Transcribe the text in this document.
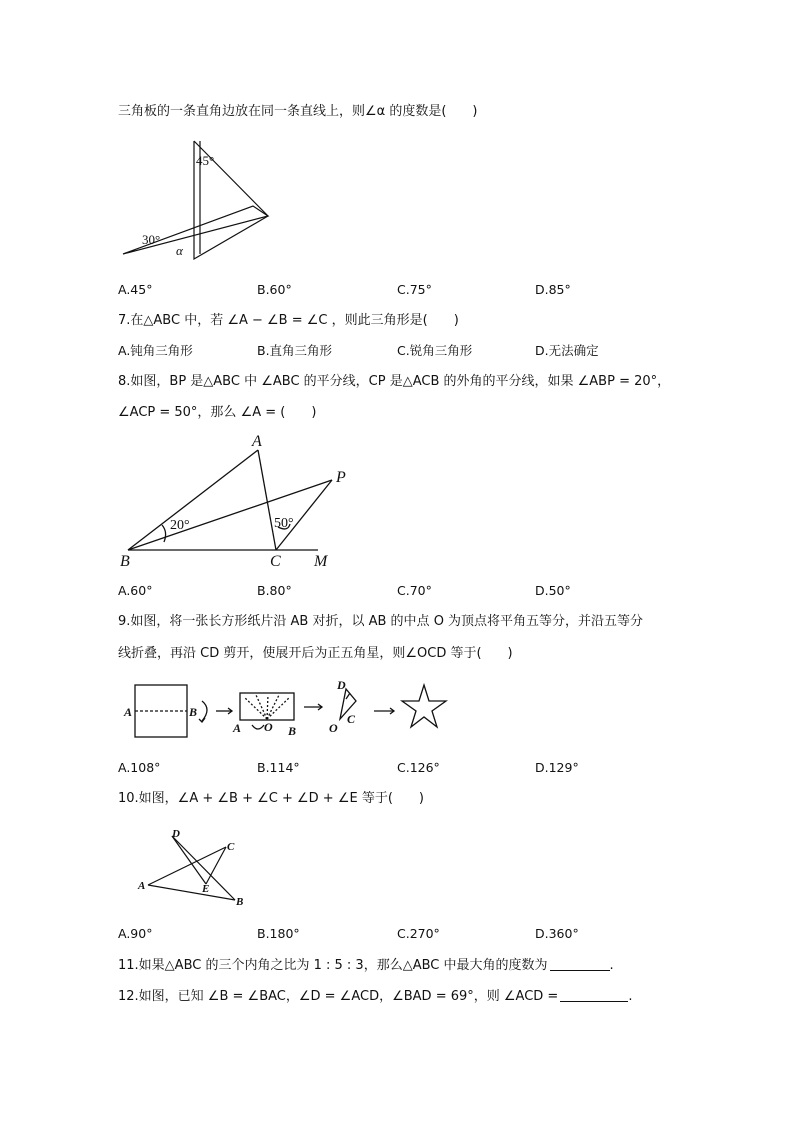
三角板的一条直角边放在同一条直线上，则∠α 的度数是(　　)
45°
30°
α
A.45°	B.60°	C.75°	D.85°
7.在△ABC 中，若 ∠A − ∠B = ∠C ，则此三角形是(　　)
A.钝角三角形	B.直角三角形	C.锐角三角形	D.无法确定
8.如图，BP 是△ABC 中 ∠ABC 的平分线，CP 是△ACB 的外角的平分线，如果 ∠ABP = 20°，
∠ACP = 50°，那么 ∠A = (　　)
A
B	C
P
M
20°	50°
A.60°	B.80°	C.70°	D.50°
9.如图，将一张长方形纸片沿 AB 对折，以 AB 的中点 O 为顶点将平角五等分，并沿五等分
线折叠，再沿 CD 剪开，使展开后为正五角星，则∠OCD 等于(　　)
A	B
A O B
D
C
O
A.108°	B.114°	C.126°	D.129°
10.如图，∠A + ∠B + ∠C + ∠D + ∠E 等于(　　)
D
C
A	E
B
A.90°	B.180°	C.270°	D.360°
11.如果△ABC 的三个内角之比为 1 : 5 : 3，那么△ABC 中最大角的度数为	.
12.如图，已知 ∠B = ∠BAC，∠D = ∠ACD，∠BAD = 69°，则 ∠ACD =	.
